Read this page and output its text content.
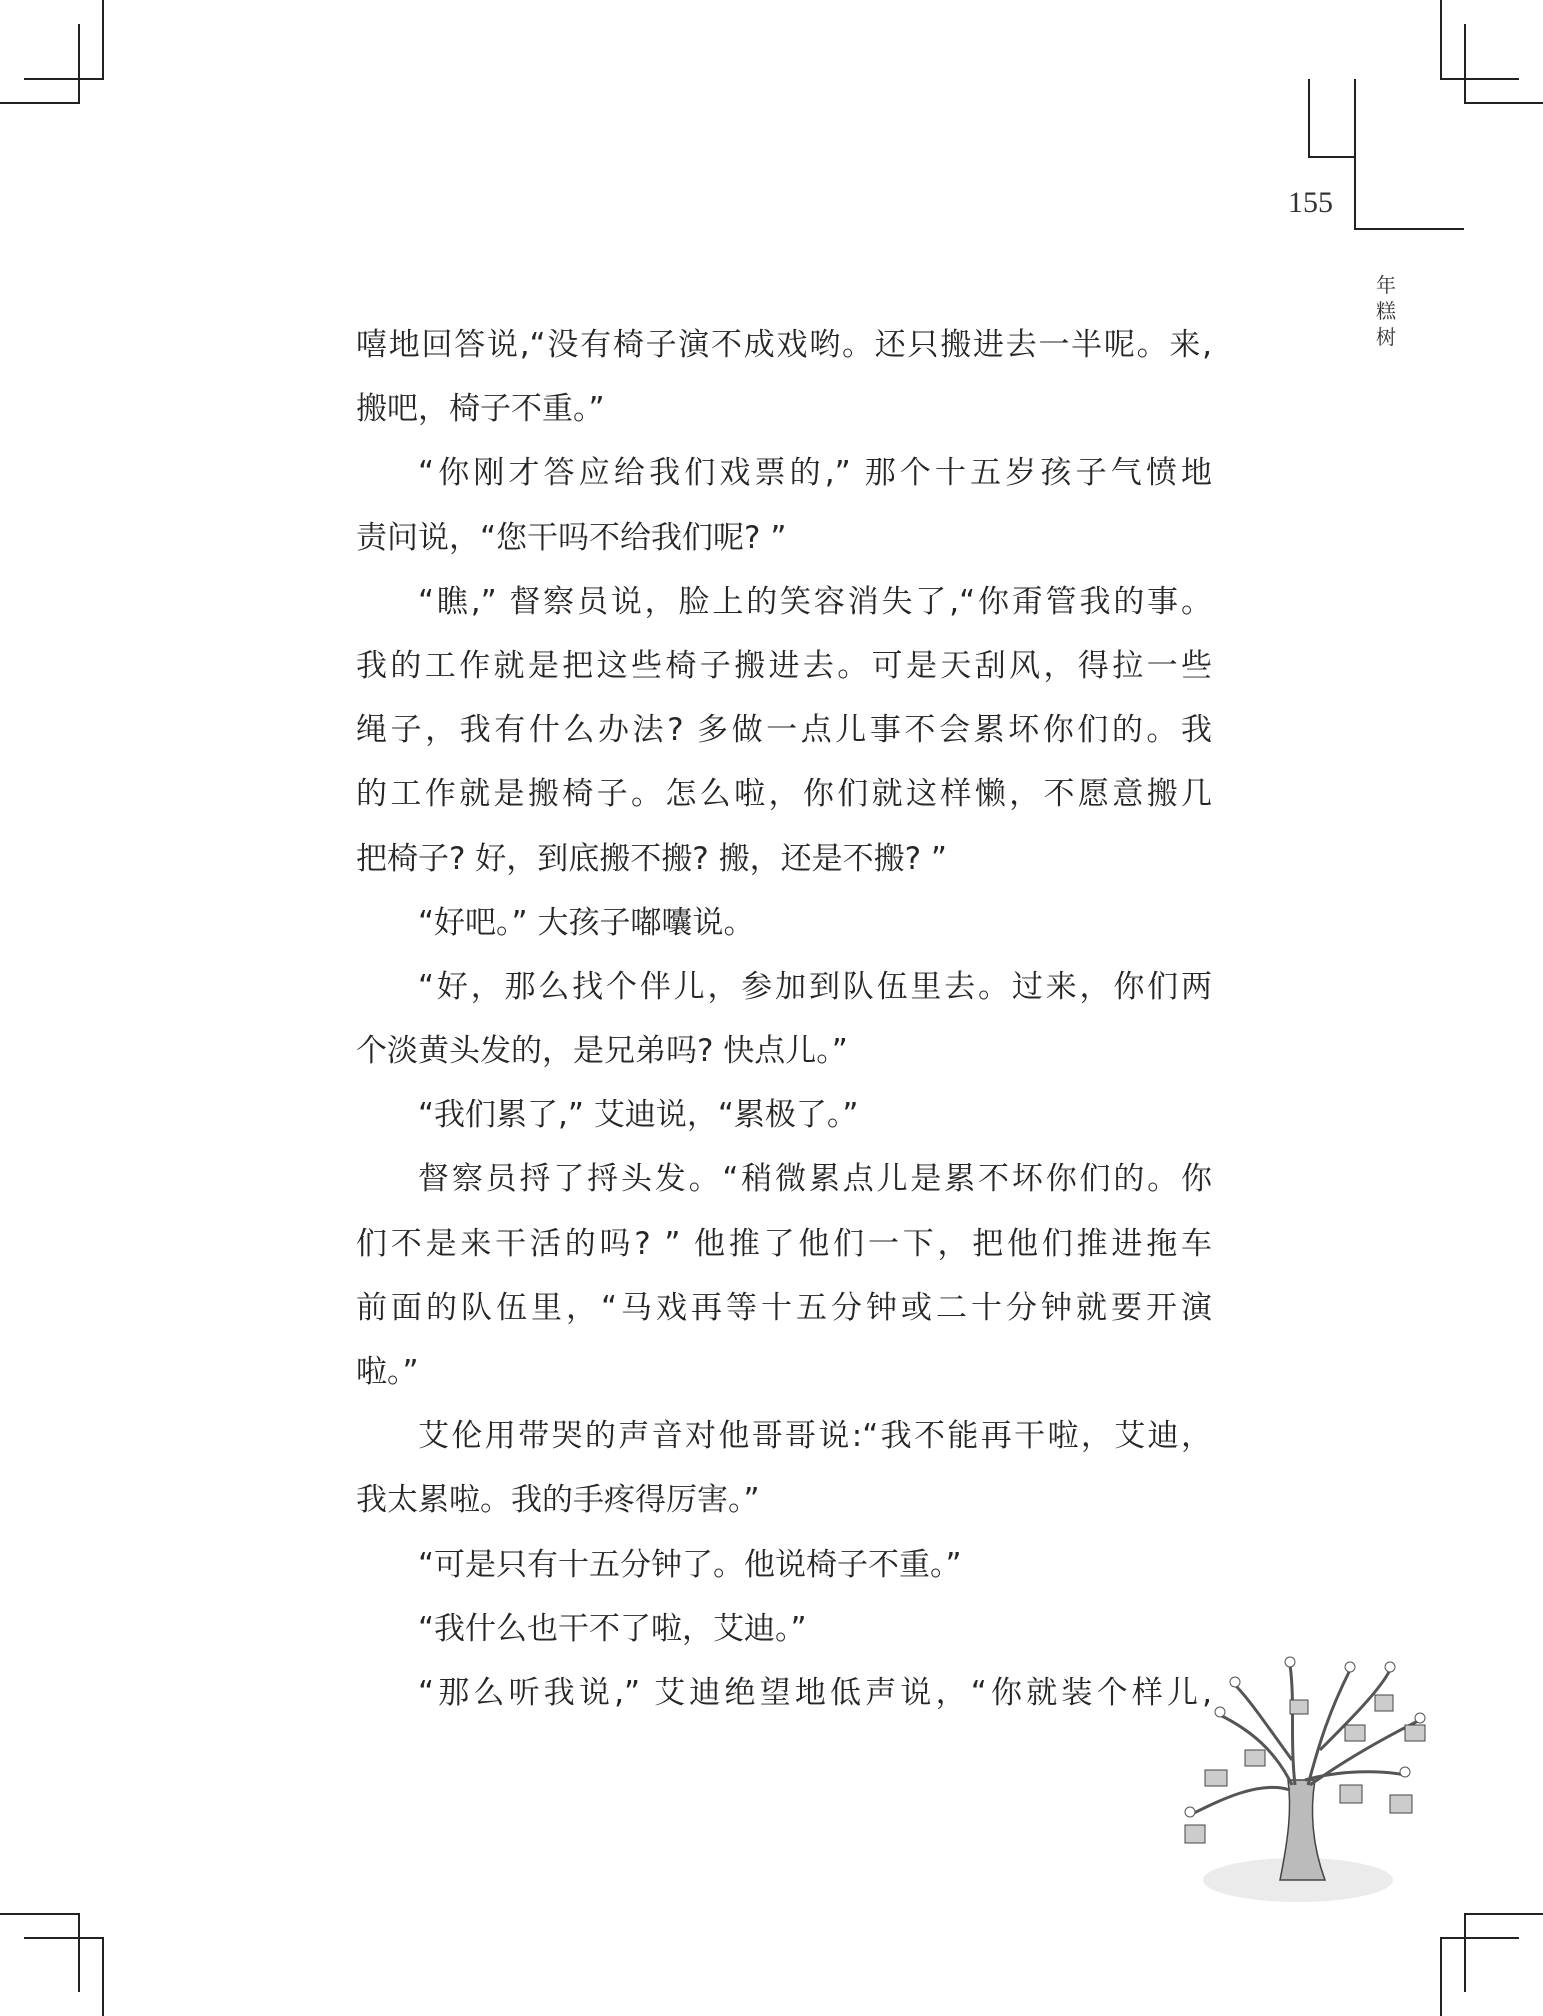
155
年
糕
树
嘻地回答说,“没有椅子演不成戏哟。还只搬进去一半呢。来,
搬吧，椅子不重。”
“你刚才答应给我们戏票的,” 那个十五岁孩子气愤地
责问说，“您干吗不给我们呢? ”
“瞧,” 督察员说，脸上的笑容消失了,“你甭管我的事。
我的工作就是把这些椅子搬进去。可是天刮风，得拉一些
绳子，我有什么办法? 多做一点儿事不会累坏你们的。我
的工作就是搬椅子。怎么啦，你们就这样懒，不愿意搬几
把椅子? 好，到底搬不搬? 搬，还是不搬? ”
“好吧。” 大孩子嘟囔说。
“好，那么找个伴儿，参加到队伍里去。过来，你们两
个淡黄头发的，是兄弟吗? 快点儿。”
“我们累了,” 艾迪说，“累极了。”
督察员捋了捋头发。“稍微累点儿是累不坏你们的。你
们不是来干活的吗? ” 他推了他们一下，把他们推进拖车
前面的队伍里，“马戏再等十五分钟或二十分钟就要开演
啦。”
艾伦用带哭的声音对他哥哥说:“我不能再干啦，艾迪，
我太累啦。我的手疼得厉害。”
“可是只有十五分钟了。他说椅子不重。”
“我什么也干不了啦，艾迪。”
“那么听我说,” 艾迪绝望地低声说，“你就装个样儿,
